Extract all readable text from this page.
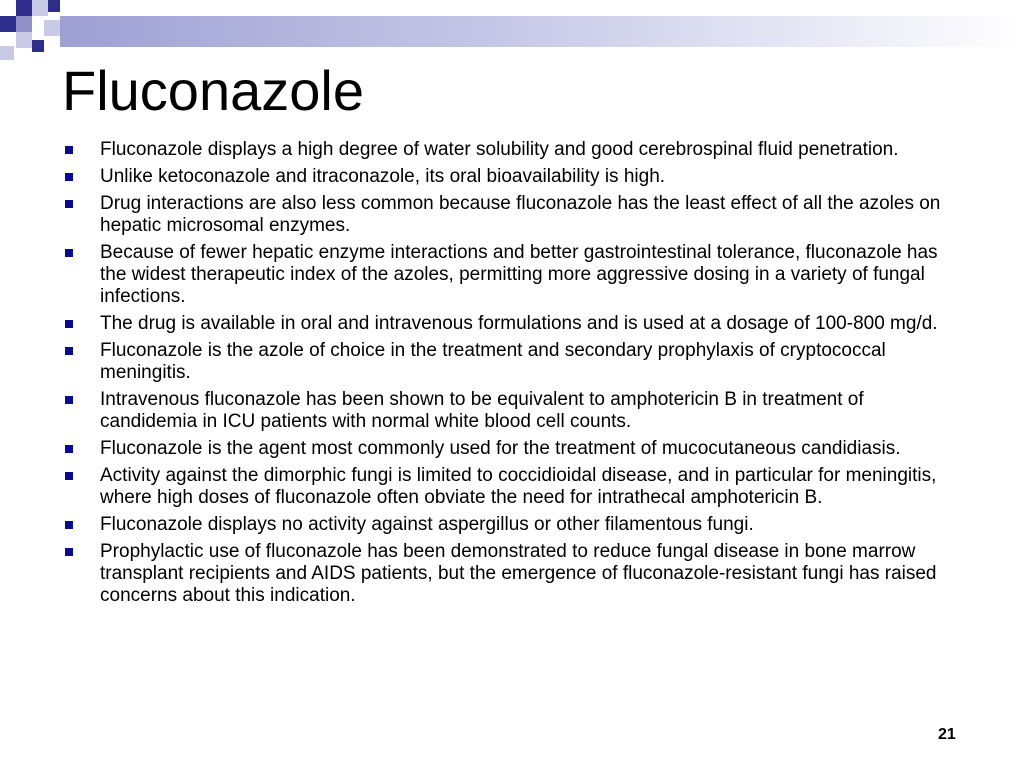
Fluconazole
Fluconazole displays a high degree of water solubility and good cerebrospinal fluid penetration.
Unlike ketoconazole and itraconazole, its oral bioavailability is high.
Drug interactions are also less common because fluconazole has the least effect of all the azoles on hepatic microsomal enzymes.
Because of fewer hepatic enzyme interactions and better gastrointestinal tolerance, fluconazole has the widest therapeutic index of the azoles, permitting more aggressive dosing in a variety of fungal infections.
The drug is available in oral and intravenous formulations and is used at a dosage of 100-800 mg/d.
Fluconazole is the azole of choice in the treatment and secondary prophylaxis of cryptococcal meningitis.
Intravenous fluconazole has been shown to be equivalent to amphotericin B in treatment of candidemia in ICU patients with normal white blood cell counts.
Fluconazole is the agent most commonly used for the treatment of mucocutaneous candidiasis.
Activity against the dimorphic fungi is limited to coccidioidal disease, and in particular for meningitis, where high doses of fluconazole often obviate the need for intrathecal amphotericin B.
Fluconazole displays no activity against aspergillus or other filamentous fungi.
Prophylactic use of fluconazole has been demonstrated to reduce fungal disease in bone marrow transplant recipients and AIDS patients, but the emergence of fluconazole-resistant fungi has raised concerns about this indication.
21
